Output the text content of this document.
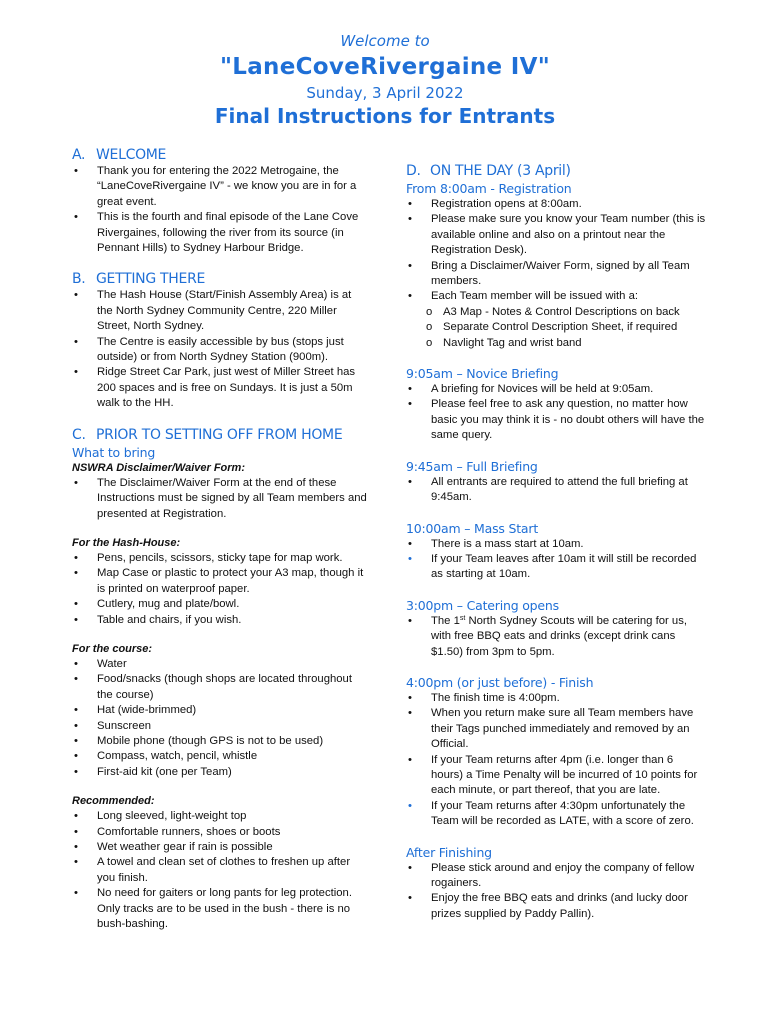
Welcome to
"LaneCoveRivergaine IV"
Sunday, 3 April 2022
Final Instructions for Entrants
A. WELCOME
•	Thank you for entering the 2022 Metrogaine, the “LaneCoveRivergaine IV” - we know you are in for a great event.
•	This is the fourth and final episode of the Lane Cove Rivergaines, following the river from its source (in Pennant Hills) to Sydney Harbour Bridge.
B. GETTING THERE
•	The Hash House (Start/Finish Assembly Area) is at the North Sydney Community Centre, 220 Miller Street, North Sydney.
•	The Centre is easily accessible by bus (stops just outside) or from North Sydney Station (900m).
•	Ridge Street Car Park, just west of Miller Street has 200 spaces and is free on Sundays. It is just a 50m walk to the HH.
C. PRIOR TO SETTING OFF FROM HOME
What to bring
NSWRA Disclaimer/Waiver Form:
•	The Disclaimer/Waiver Form at the end of these Instructions must be signed by all Team members and presented at Registration.
For the Hash-House:
•	Pens, pencils, scissors, sticky tape for map work.
•	Map Case or plastic to protect your A3 map, though it is printed on waterproof paper.
•	Cutlery, mug and plate/bowl.
•	Table and chairs, if you wish.
For the course:
•	Water
•	Food/snacks (though shops are located throughout the course)
•	Hat (wide-brimmed)
•	Sunscreen
•	Mobile phone (though GPS is not to be used)
•	Compass, watch, pencil, whistle
•	First-aid kit (one per Team)
Recommended:
•	Long sleeved, light-weight top
•	Comfortable runners, shoes or boots
•	Wet weather gear if rain is possible
•	A towel and clean set of clothes to freshen up after you finish.
•	No need for gaiters or long pants for leg protection. Only tracks are to be used in the bush - there is no bush-bashing.
D. ON THE DAY (3 April)
From 8:00am - Registration
•	Registration opens at 8:00am.
•	Please make sure you know your Team number (this is available online and also on a printout near the Registration Desk).
•	Bring a Disclaimer/Waiver Form, signed by all Team members.
•	Each Team member will be issued with a:
o A3 Map - Notes & Control Descriptions on back
o Separate Control Description Sheet, if required
o Navlight Tag and wrist band
9:05am – Novice Briefing
•	A briefing for Novices will be held at 9:05am.
•	Please feel free to ask any question, no matter how basic you may think it is - no doubt others will have the same query.
9:45am – Full Briefing
•	All entrants are required to attend the full briefing at 9:45am.
10:00am – Mass Start
•	There is a mass start at 10am.
•	If your Team leaves after 10am it will still be recorded as starting at 10am.
3:00pm – Catering opens
•	The 1st North Sydney Scouts will be catering for us, with free BBQ eats and drinks (except drink cans $1.50) from 3pm to 5pm.
4:00pm (or just before) - Finish
•	The finish time is 4:00pm.
•	When you return make sure all Team members have their Tags punched immediately and removed by an Official.
•	If your Team returns after 4pm (i.e. longer than 6 hours) a Time Penalty will be incurred of 10 points for each minute, or part thereof, that you are late.
•	If your Team returns after 4:30pm unfortunately the Team will be recorded as LATE, with a score of zero.
After Finishing
•	Please stick around and enjoy the company of fellow rogainers.
•	Enjoy the free BBQ eats and drinks (and lucky door prizes supplied by Paddy Pallin).
